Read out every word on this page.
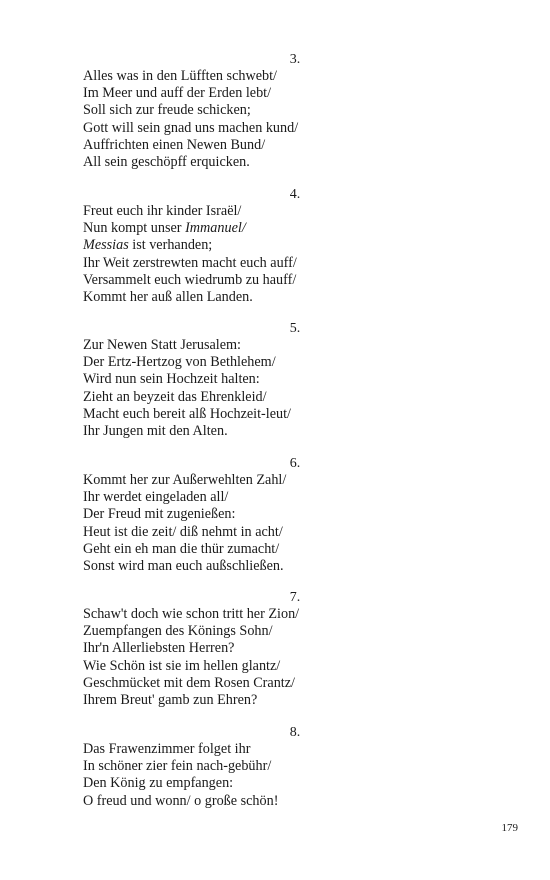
3.
Alles was in den Lüfften schwebt/
Im Meer und auff der Erden lebt/
Soll sich zur freude schicken;
Gott will sein gnad uns machen kund/
Auffrichten einen Newen Bund/
All sein geschöpff erquicken.
4.
Freut euch ihr kinder Israël/
Nun kompt unser Immanuel/
Messias ist verhanden;
Ihr Weit zerstrewten macht euch auff/
Versammelt euch wiedrumb zu hauff/
Kommt her auß allen Landen.
5.
Zur Newen Statt Jerusalem:
Der Ertz-Hertzog von Bethlehem/
Wird nun sein Hochzeit halten:
Zieht an beyzeit das Ehrenkleid/
Macht euch bereit alß Hochzeit-leut/
Ihr Jungen mit den Alten.
6.
Kommt her zur Außerwehlten Zahl/
Ihr werdet eingeladen all/
Der Freud mit zugenießen:
Heut ist die zeit/ diß nehmt in acht/
Geht ein eh man die thür zumacht/
Sonst wird man euch außschließen.
7.
Schaw't doch wie schon tritt her Zion/
Zuempfangen des Könings Sohn/
Ihr'n Allerliebsten Herren?
Wie Schön ist sie im hellen glantz/
Geschmücket mit dem Rosen Crantz/
Ihrem Breut' gamb zun Ehren?
8.
Das Frawenzimmer folget ihr
In schöner zier fein nach-gebühr/
Den König zu empfangen:
O freud und wonn/ o große schön!
179
